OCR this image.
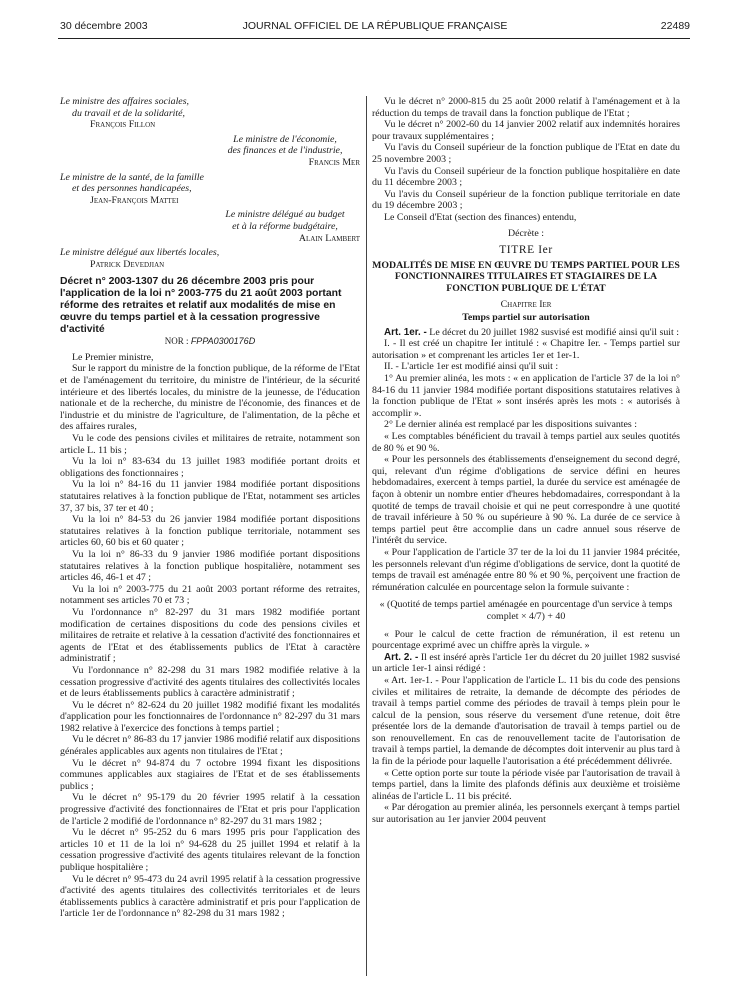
30 décembre 2003	JOURNAL OFFICIEL DE LA RÉPUBLIQUE FRANÇAISE	22489
Le ministre des affaires sociales,
du travail et de la solidarité,
François Fillon
Le ministre de l'économie,
des finances et de l'industrie,
Francis Mer
Le ministre de la santé, de la famille
et des personnes handicapées,
Jean-François Mattei
Le ministre délégué au budget
et à la réforme budgétaire,
Alain Lambert
Le ministre délégué aux libertés locales,
Patrick Devedjian
Décret n° 2003-1307 du 26 décembre 2003 pris pour l'application de la loi n° 2003-775 du 21 août 2003 portant réforme des retraites et relatif aux modalités de mise en œuvre du temps partiel et à la cessation progressive d'activité
NOR : FPPA0300176D

Le Premier ministre,

Sur le rapport du ministre de la fonction publique, de la réforme de l'Etat et de l'aménagement du territoire, du ministre de l'intérieur, de la sécurité intérieure et des libertés locales, du ministre de la jeunesse, de l'éducation nationale et de la recherche, du ministre de l'économie, des finances et de l'industrie et du ministre de l'agriculture, de l'alimentation, de la pêche et des affaires rurales,

Vu le code des pensions civiles et militaires de retraite, notamment son article L. 11 bis ;

Vu la loi n° 83-634 du 13 juillet 1983 modifiée portant droits et obligations des fonctionnaires ;

Vu la loi n° 84-16 du 11 janvier 1984 modifiée portant dispositions statutaires relatives à la fonction publique de l'Etat, notamment ses articles 37, 37 bis, 37 ter et 40 ;

Vu la loi n° 84-53 du 26 janvier 1984 modifiée portant dispositions statutaires relatives à la fonction publique territoriale, notamment ses articles 60, 60 bis et 60 quater ;

Vu la loi n° 86-33 du 9 janvier 1986 modifiée portant dispositions statutaires relatives à la fonction publique hospitalière, notamment ses articles 46, 46-1 et 47 ;

Vu la loi n° 2003-775 du 21 août 2003 portant réforme des retraites, notamment ses articles 70 et 73 ;

Vu l'ordonnance n° 82-297 du 31 mars 1982 modifiée portant modification de certaines dispositions du code des pensions civiles et militaires de retraite et relative à la cessation d'activité des fonctionnaires et agents de l'Etat et des établissements publics de l'Etat à caractère administratif ;

Vu l'ordonnance n° 82-298 du 31 mars 1982 modifiée relative à la cessation progressive d'activité des agents titulaires des collectivités locales et de leurs établissements publics à caractère administratif ;

Vu le décret n° 82-624 du 20 juillet 1982 modifié fixant les modalités d'application pour les fonctionnaires de l'ordonnance n° 82-297 du 31 mars 1982 relative à l'exercice des fonctions à temps partiel ;

Vu le décret n° 86-83 du 17 janvier 1986 modifié relatif aux dispositions générales applicables aux agents non titulaires de l'Etat ;

Vu le décret n° 94-874 du 7 octobre 1994 fixant les dispositions communes applicables aux stagiaires de l'Etat et de ses établissements publics ;

Vu le décret n° 95-179 du 20 février 1995 relatif à la cessation progressive d'activité des fonctionnaires de l'Etat et pris pour l'application de l'article 2 modifié de l'ordonnance n° 82-297 du 31 mars 1982 ;

Vu le décret n° 95-252 du 6 mars 1995 pris pour l'application des articles 10 et 11 de la loi n° 94-628 du 25 juillet 1994 et relatif à la cessation progressive d'activité des agents titulaires relevant de la fonction publique hospitalière ;

Vu le décret n° 95-473 du 24 avril 1995 relatif à la cessation progressive d'activité des agents titulaires des collectivités territoriales et de leurs établissements publics à caractère administratif et pris pour l'application de l'article 1er de l'ordonnance n° 82-298 du 31 mars 1982 ;

Vu le décret n° 2000-815 du 25 août 2000 relatif à l'aménagement et à la réduction du temps de travail dans la fonction publique de l'Etat ;

Vu le décret n° 2002-60 du 14 janvier 2002 relatif aux indemnités horaires pour travaux supplémentaires ;

Vu l'avis du Conseil supérieur de la fonction publique de l'Etat en date du 25 novembre 2003 ;

Vu l'avis du Conseil supérieur de la fonction publique hospitalière en date du 11 décembre 2003 ;

Vu l'avis du Conseil supérieur de la fonction publique territoriale en date du 19 décembre 2003 ;

Le Conseil d'Etat (section des finances) entendu,

Décrète :

TITRE Ier
MODALITÉS DE MISE EN ŒUVRE DU TEMPS PARTIEL POUR LES FONCTIONNAIRES TITULAIRES ET STAGIAIRES DE LA FONCTION PUBLIQUE DE L'ÉTAT
Chapitre Ier
Temps partiel sur autorisation

Art. 1er. - Le décret du 20 juillet 1982 susvisé est modifié ainsi qu'il suit :

I. - Il est créé un chapitre Ier intitulé : « Chapitre Ier. - Temps partiel sur autorisation » et comprenant les articles 1er et 1er-1.

II. - L'article 1er est modifié ainsi qu'il suit :

1° Au premier alinéa, les mots : « en application de l'article 37 de la loi n° 84-16 du 11 janvier 1984 modifiée portant dispositions statutaires relatives à la fonction publique de l'Etat » sont insérés après les mots : « autorisés à accomplir ».

2° Le dernier alinéa est remplacé par les dispositions suivantes :

« Les comptables bénéficient du travail à temps partiel aux seules quotités de 80 % et 90 %.

« Pour les personnels des établissements d'enseignement du second degré, qui, relevant d'un régime d'obligations de service défini en heures hebdomadaires, exercent à temps partiel, la durée du service est aménagée de façon à obtenir un nombre entier d'heures hebdomadaires, correspondant à la quotité de temps de travail choisie et qui ne peut correspondre à une quotité de travail inférieure à 50 % ou supérieure à 90 %. La durée de ce service à temps partiel peut être accomplie dans un cadre annuel sous réserve de l'intérêt du service.

« Pour l'application de l'article 37 ter de la loi du 11 janvier 1984 précitée, les personnels relevant d'un régime d'obligations de service, dont la quotité de temps de travail est aménagée entre 80 % et 90 %, perçoivent une fraction de rémunération calculée en pourcentage selon la formule suivante :

« (Quotité de temps partiel aménagée en pourcentage d'un service à temps complet × 4/7) + 40

« Pour le calcul de cette fraction de rémunération, il est retenu un pourcentage exprimé avec un chiffre après la virgule. »

Art. 2. - Il est inséré après l'article 1er du décret du 20 juillet 1982 susvisé un article 1er-1 ainsi rédigé :

« Art. 1er-1. - Pour l'application de l'article L. 11 bis du code des pensions civiles et militaires de retraite, la demande de décompte des périodes de travail à temps partiel comme des périodes de travail à temps plein pour le calcul de la pension, sous réserve du versement d'une retenue, doit être présentée lors de la demande d'autorisation de travail à temps partiel ou de son renouvellement. En cas de renouvellement tacite de l'autorisation de travail à temps partiel, la demande de décomptes doit intervenir au plus tard à la fin de la période pour laquelle l'autorisation a été précédemment délivrée.

« Cette option porte sur toute la période visée par l'autorisation de travail à temps partiel, dans la limite des plafonds définis aux deuxième et troisième alinéas de l'article L. 11 bis précité.

« Par dérogation au premier alinéa, les personnels exerçant à temps partiel sur autorisation au 1er janvier 2004 peuvent
